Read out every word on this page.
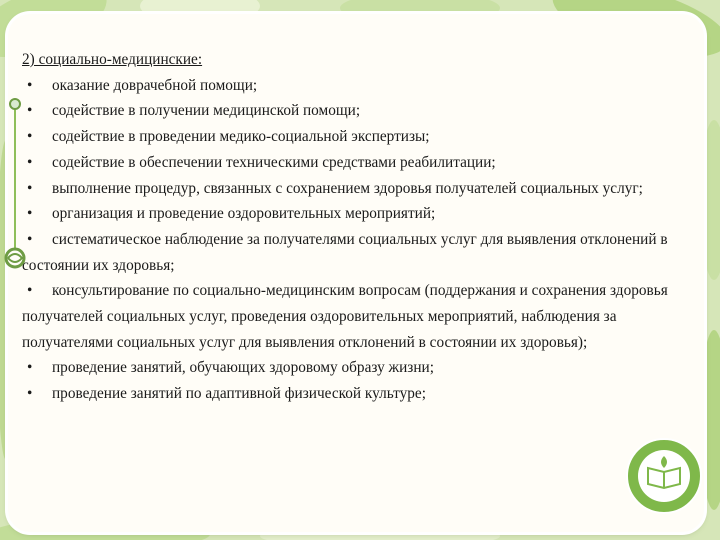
2) социально-медицинские:
• оказание доврачебной помощи;
• содействие в получении медицинской помощи;
• содействие в проведении медико-социальной экспертизы;
• содействие в обеспечении техническими средствами реабилитации;
• выполнение процедур, связанных с сохранением здоровья получателей социальных услуг;
• организация и проведение оздоровительных мероприятий;
• систематическое наблюдение за получателями социальных услуг для выявления отклонений в состоянии их здоровья;
• консультирование по социально-медицинским вопросам (поддержания и сохранения здоровья получателей социальных услуг, проведения оздоровительных мероприятий, наблюдения за получателями социальных услуг для выявления отклонений в состоянии их здоровья);
• проведение занятий, обучающих здоровому образу жизни;
• проведение занятий по адаптивной физической культуре;
